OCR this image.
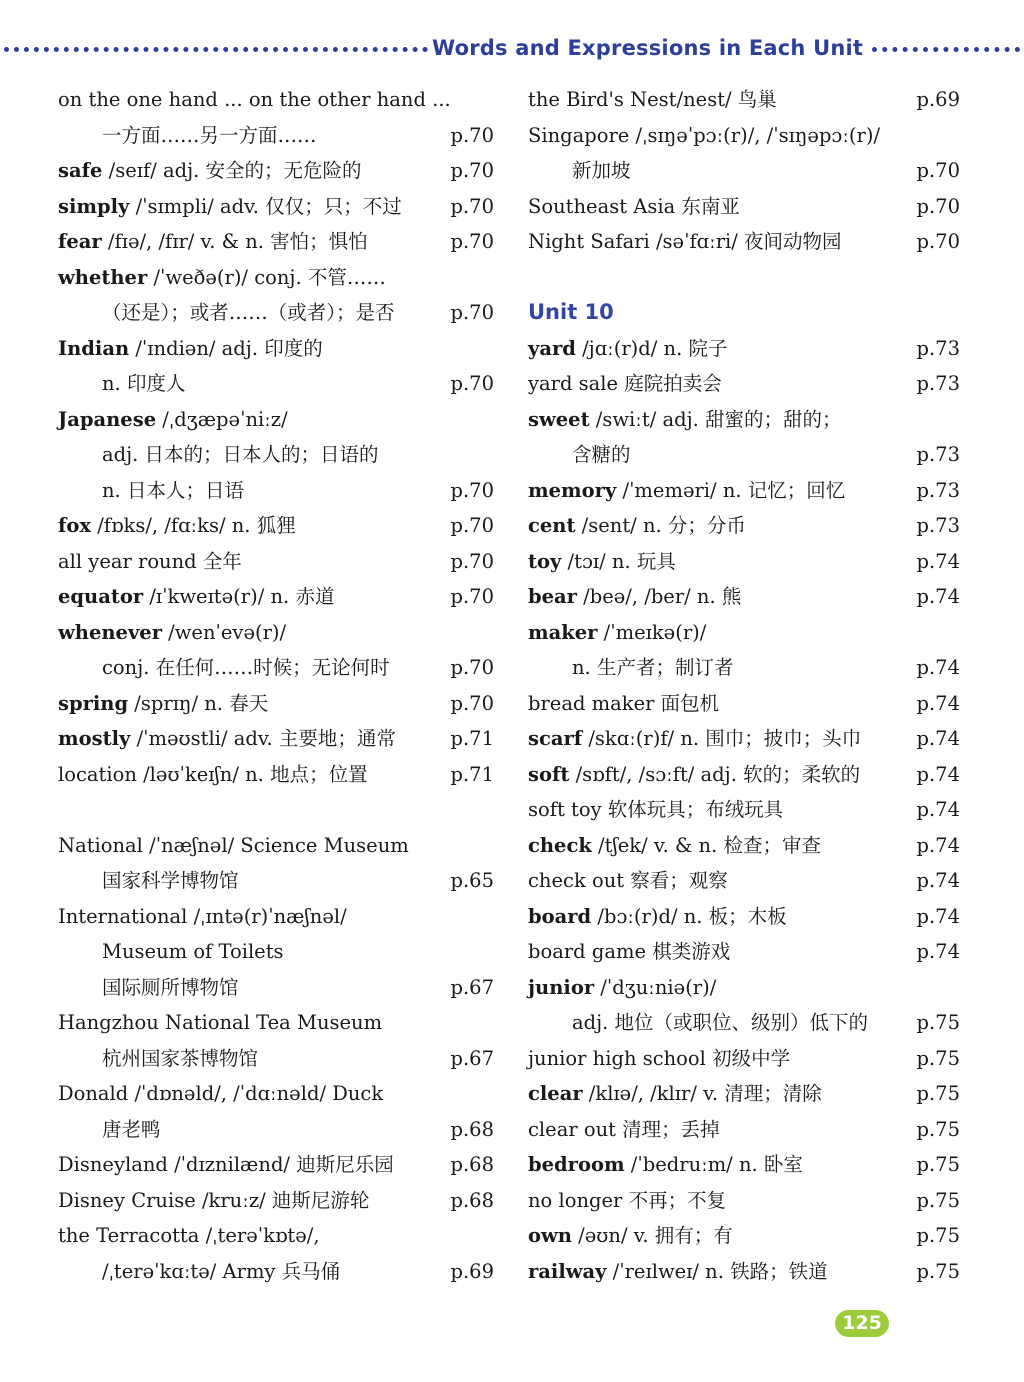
Words and Expressions in Each Unit
on the one hand ... on the other hand ...
一方面……另一方面……	p.70
safe /seɪf/ adj. 安全的；无危险的	p.70
simply /ˈsɪmpli/ adv. 仅仅；只；不过	p.70
fear /fɪə/, /fɪr/ v. & n. 害怕；惧怕	p.70
whether /ˈweðə(r)/ conj. 不管……
（还是）；或者……（或者）；是否	p.70
Indian /ˈɪndiən/ adj. 印度的
n. 印度人	p.70
Japanese /ˌdʒæpəˈniːz/
adj. 日本的；日本人的；日语的
n. 日本人；日语	p.70
fox /fɒks/, /fɑːks/ n. 狐狸	p.70
all year round 全年	p.70
equator /ɪˈkweɪtə(r)/ n. 赤道	p.70
whenever /wenˈevə(r)/
conj. 在任何……时候；无论何时	p.70
spring /sprɪŋ/ n. 春天	p.70
mostly /ˈməʊstli/ adv. 主要地；通常	p.71
location /ləʊˈkeɪʃn/ n. 地点；位置	p.71
National /ˈnæʃnəl/ Science Museum
国家科学博物馆	p.65
International /ˌɪntə(r)ˈnæʃnəl/
Museum of Toilets
国际厕所博物馆	p.67
Hangzhou National Tea Museum
杭州国家茶博物馆	p.67
Donald /ˈdɒnəld/, /ˈdɑːnəld/ Duck
唐老鸭	p.68
Disneyland /ˈdɪznilænd/ 迪斯尼乐园	p.68
Disney Cruise /kruːz/ 迪斯尼游轮	p.68
the Terracotta /ˌterəˈkɒtə/,
/ˌterəˈkɑːtə/ Army 兵马俑	p.69
the Bird's Nest/nest/ 鸟巢	p.69
Singapore /ˌsɪŋəˈpɔː(r)/, /ˈsɪŋəpɔː(r)/
新加坡	p.70
Southeast Asia 东南亚	p.70
Night Safari /səˈfɑːri/ 夜间动物园	p.70
Unit 10
yard /jɑː(r)d/ n. 院子	p.73
yard sale 庭院拍卖会	p.73
sweet /swiːt/ adj. 甜蜜的；甜的；
含糖的	p.73
memory /ˈmeməri/ n. 记忆；回忆	p.73
cent /sent/ n. 分；分币	p.73
toy /tɔɪ/ n. 玩具	p.74
bear /beə/, /ber/ n. 熊	p.74
maker /ˈmeɪkə(r)/
n. 生产者；制订者	p.74
bread maker 面包机	p.74
scarf /skɑː(r)f/ n. 围巾；披巾；头巾	p.74
soft /sɒft/, /sɔːft/ adj. 软的；柔软的	p.74
soft toy 软体玩具；布绒玩具	p.74
check /tʃek/ v. & n. 检查；审查	p.74
check out 察看；观察	p.74
board /bɔː(r)d/ n. 板；木板	p.74
board game 棋类游戏	p.74
junior /ˈdʒuːniə(r)/
adj. 地位（或职位、级别）低下的 p.75
junior high school 初级中学	p.75
clear /klɪə/, /klɪr/ v. 清理；清除	p.75
clear out 清理；丢掉	p.75
bedroom /ˈbedruːm/ n. 卧室	p.75
no longer 不再；不复	p.75
own /əʊn/ v. 拥有；有	p.75
railway /ˈreɪlweɪ/ n. 铁路；铁道	p.75
125
